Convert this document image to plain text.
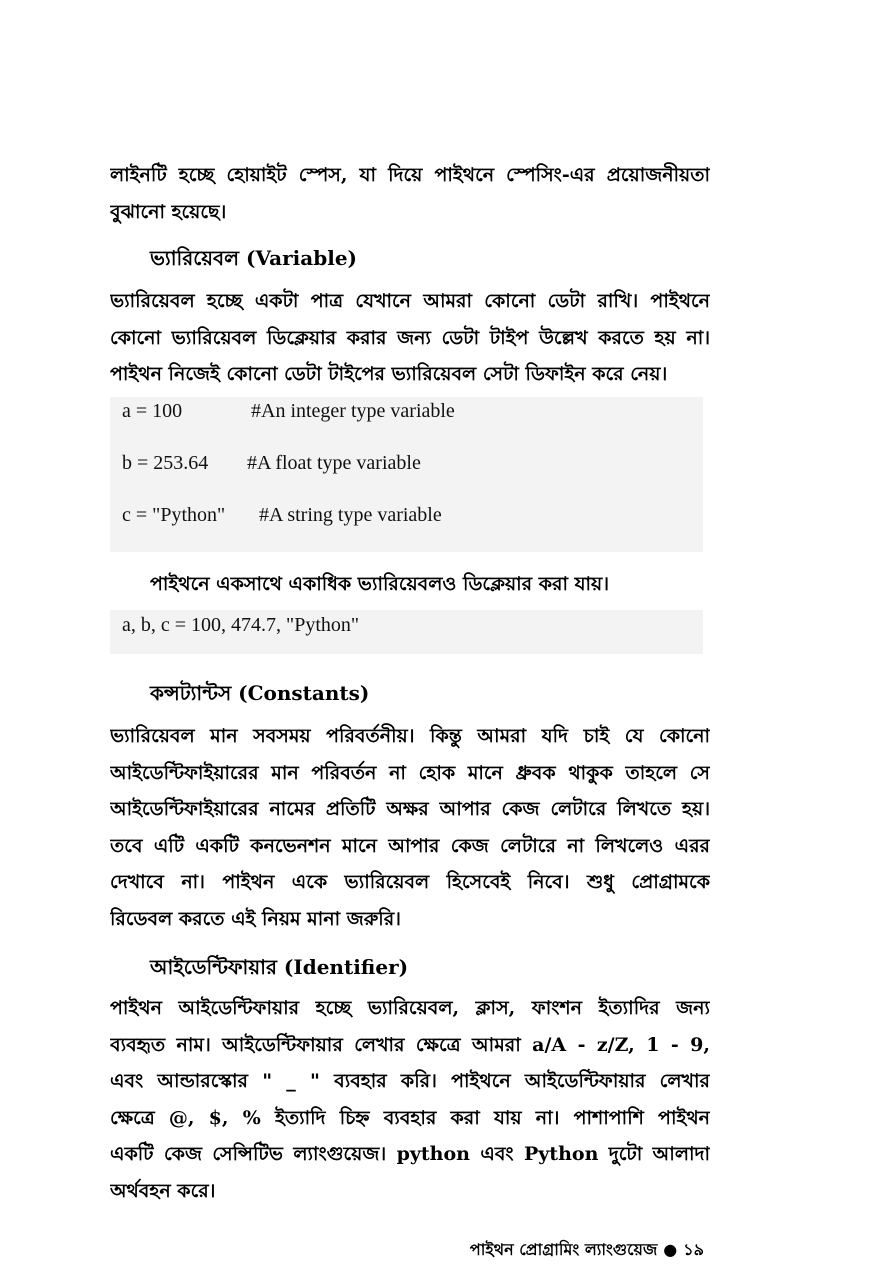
লাইনটি হচ্ছে হোয়াইট স্পেস, যা দিয়ে পাইথনে স্পেসিং-এর প্রয়োজনীয়তা
বুঝানো হয়েছে।
ভ্যারিয়েবল (Variable)
ভ্যারিয়েবল হচ্ছে একটা পাত্র যেখানে আমরা কোনো ডেটা রাখি। পাইথনে
কোনো ভ্যারিয়েবল ডিক্লেয়ার করার জন্য ডেটা টাইপ উল্লেখ করতে হয় না।
পাইথন নিজেই কোনো ডেটা টাইপের ভ্যারিয়েবল সেটা ডিফাইন করে নেয়।
a = 100	#An integer type variable
b = 253.64 #A float type variable
c = "Python" #A string type variable
পাইথনে একসাথে একাধিক ভ্যারিয়েবলও ডিক্লেয়ার করা যায়।
a, b, c = 100, 474.7, "Python"
কন্সট্যান্টস (Constants)
ভ্যারিয়েবল মান সবসময় পরিবর্তনীয়। কিন্তু আমরা যদি চাই যে কোনো
আইডেন্টিফাইয়ারের মান পরিবর্তন না হোক মানে ধ্রুবক থাকুক তাহলে সে
আইডেন্টিফাইয়ারের নামের প্রতিটি অক্ষর আপার কেজ লেটারে লিখতে হয়।
তবে এটি একটি কনভেনশন মানে আপার কেজ লেটারে না লিখলেও এরর
দেখাবে না। পাইথন একে ভ্যারিয়েবল হিসেবেই নিবে। শুধু প্রোগ্রামকে
রিডেবল করতে এই নিয়ম মানা জরুরি।
আইডেন্টিফায়ার (Identifier)
পাইথন আইডেন্টিফায়ার হচ্ছে ভ্যারিয়েবল, ক্লাস, ফাংশন ইত্যাদির জন্য
ব্যবহৃত নাম। আইডেন্টিফায়ার লেখার ক্ষেত্রে আমরা a/A - z/Z, 1 - 9,
এবং আন্ডারস্কোর " _ " ব্যবহার করি। পাইথনে আইডেন্টিফায়ার লেখার
ক্ষেত্রে @, $, % ইত্যাদি চিহ্ন ব্যবহার করা যায় না। পাশাপাশি পাইথন
একটি কেজ সেন্সিটিভ ল্যাংগুয়েজ। python এবং Python দুটো আলাদা
অর্থবহন করে।
পাইথন প্রোগ্রামিং ল্যাংগুয়েজ ● ১৯
